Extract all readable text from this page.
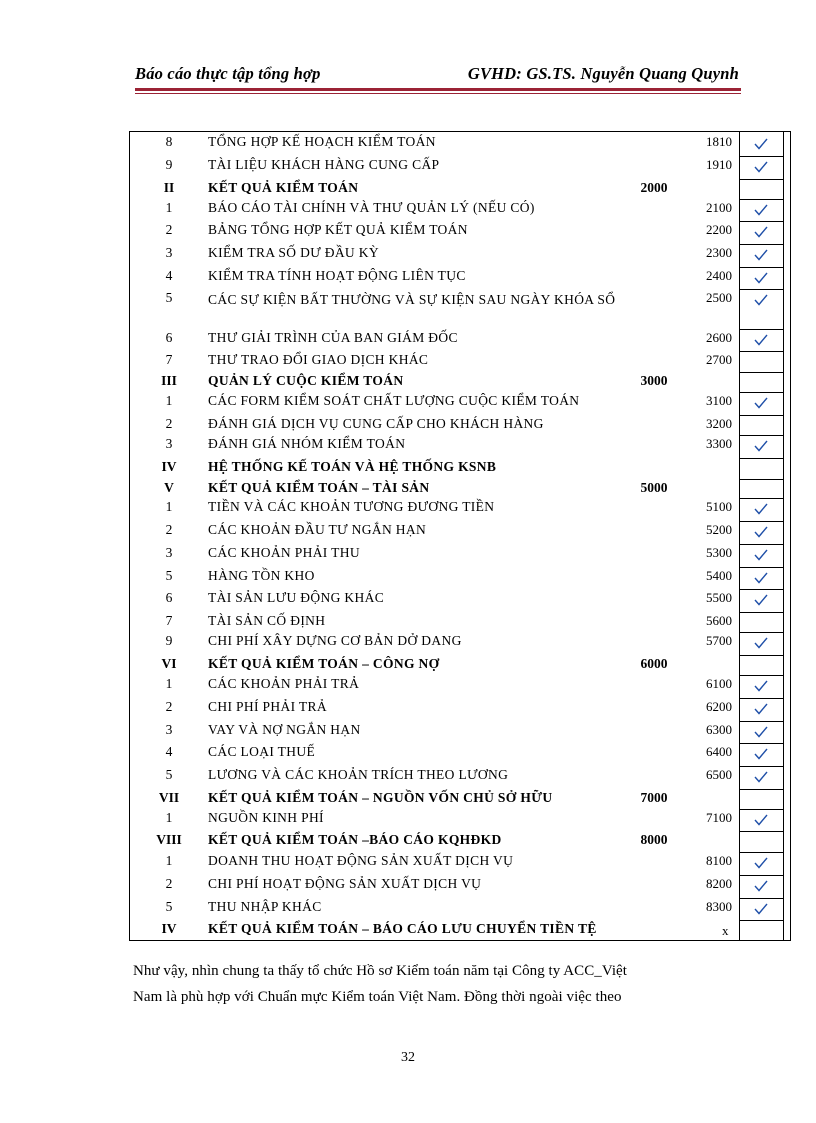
Báo cáo thực tập tổng hợp	GVHD: GS.TS. Nguyễn Quang Quynh
8	TỔNG HỢP KẾ HOẠCH KIỂM TOÁN	1810
9	TÀI LIỆU KHÁCH HÀNG CUNG CẤP	1910
II	KẾT QUẢ KIỂM TOÁN	2000
1	BÁO CÁO TÀI CHÍNH VÀ THƯ QUẢN LÝ (NẾU CÓ)	2100
2	BẢNG TỔNG HỢP KẾT QUẢ KIỂM TOÁN	2200
3	KIỂM TRA SỐ DƯ ĐẦU KỲ	2300
4	KIỂM TRA TÍNH HOẠT ĐỘNG LIÊN TỤC	2400
5	CÁC SỰ KIỆN BẤT THƯỜNG VÀ SỰ KIỆN SAU NGÀY KHÓA SỔ	2500
6	THƯ GIẢI TRÌNH CỦA BAN GIÁM ĐỐC	2600
7	THƯ TRAO ĐỔI GIAO DỊCH KHÁC	2700
III	QUẢN LÝ CUỘC KIỂM TOÁN	3000
1	CÁC FORM KIỂM SOÁT CHẤT LƯỢNG CUỘC KIỂM TOÁN	3100
2	ĐÁNH GIÁ DỊCH VỤ CUNG CẤP CHO KHÁCH HÀNG	3200
3	ĐÁNH GIÁ NHÓM KIỂM TOÁN	3300
IV	HỆ THỐNG KẾ TOÁN VÀ HỆ THỐNG KSNB
V	KẾT QUẢ KIỂM TOÁN – TÀI SẢN	5000
1	TIỀN VÀ CÁC KHOẢN TƯƠNG ĐƯƠNG TIỀN	5100
2	CÁC KHOẢN ĐẦU TƯ NGẮN HẠN	5200
3	CÁC KHOẢN PHẢI THU	5300
5	HÀNG TỒN KHO	5400
6	TÀI SẢN LƯU ĐỘNG KHÁC	5500
7	TÀI SẢN CỐ ĐỊNH	5600
9	CHI PHÍ XÂY DỰNG CƠ BẢN DỞ DANG	5700
VI	KẾT QUẢ KIỂM TOÁN – CÔNG NỢ	6000
1	CÁC KHOẢN PHẢI TRẢ	6100
2	CHI PHÍ PHẢI TRẢ	6200
3	VAY VÀ NỢ NGẮN HẠN	6300
4	CÁC LOẠI THUẾ	6400
5	LƯƠNG VÀ CÁC KHOẢN TRÍCH THEO LƯƠNG	6500
VII	KẾT QUẢ KIỂM TOÁN – NGUỒN VỐN CHỦ SỞ HỮU	7000
1	NGUỒN KINH PHÍ	7100
VIII	KẾT QUẢ KIỂM TOÁN –BÁO CÁO KQHĐKD	8000
1	DOANH THU HOẠT ĐỘNG SẢN XUẤT DỊCH VỤ	8100
2	CHI PHÍ HOẠT ĐỘNG SẢN XUẤT DỊCH VỤ	8200
5	THU NHẬP KHÁC	8300
IV	KẾT QUẢ KIỂM TOÁN – BÁO CÁO LƯU CHUYỂN TIỀN TỆ	x
Như vậy, nhìn chung ta thấy tổ chức Hồ sơ Kiểm toán năm tại Công ty ACC_Việt
Nam là phù hợp với Chuẩn mực Kiểm toán Việt Nam. Đồng thời ngoài việc theo
32
